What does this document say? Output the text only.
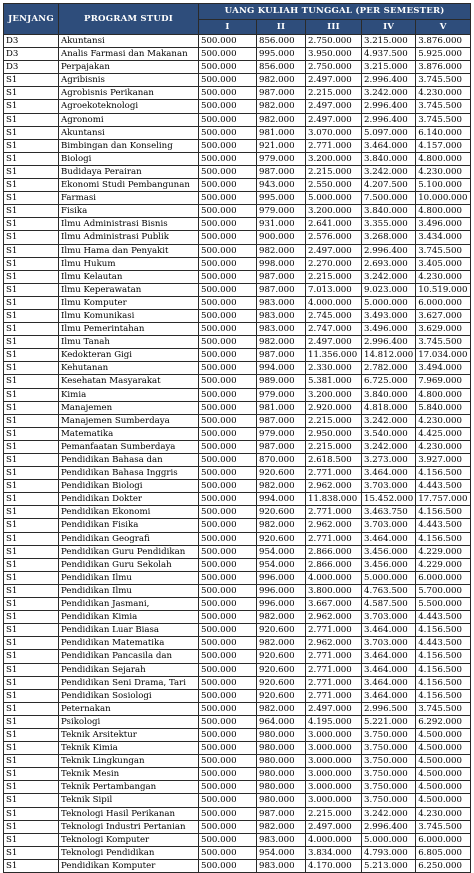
JENJANG	PROGRAM STUDI	UANG KULIAH TUNGGAL (PER SEMESTER)				
		I	II	III	IV	V
D3	Akuntansi	500.000	856.000	2.750.000	3.215.000	3.876.000
D3	Analis Farmasi dan Makanan	500.000	995.000	3.950.000	4.937.500	5.925.000
D3	Perpajakan	500.000	856.000	2.750.000	3.215.000	3.876.000
S1	Agribisnis	500.000	982.000	2.497.000	2.996.400	3.745.500
S1	Agrobisnis Perikanan	500.000	987.000	2.215.000	3.242.000	4.230.000
S1	Agroekoteknologi	500.000	982.000	2.497.000	2.996.400	3.745.500
S1	Agronomi	500.000	982.000	2.497.000	2.996.400	3.745.500
S1	Akuntansi	500.000	981.000	3.070.000	5.097.000	6.140.000
S1	Bimbingan dan Konseling	500.000	921.000	2.771.000	3.464.000	4.157.000
S1	Biologi	500.000	979.000	3.200.000	3.840.000	4.800.000
S1	Budidaya Perairan	500.000	987.000	2.215.000	3.242.000	4.230.000
S1	Ekonomi Studi Pembangunan	500.000	943.000	2.550.000	4.207.500	5.100.000
S1	Farmasi	500.000	995.000	5.000.000	7.500.000	10.000.000
S1	Fisika	500.000	979.000	3.200.000	3.840.000	4.800.000
S1	Ilmu Administrasi Bisnis	500.000	931.000	2.641.000	3.355.000	3.496.000
S1	Ilmu Administrasi Publik	500.000	900.000	2.576.000	3.268.000	3.434.000
S1	Ilmu Hama dan Penyakit	500.000	982.000	2.497.000	2.996.400	3.745.500
S1	Ilmu Hukum	500.000	998.000	2.270.000	2.693.000	3.405.000
S1	Ilmu Kelautan	500.000	987.000	2.215.000	3.242.000	4.230.000
S1	Ilmu Keperawatan	500.000	987.000	7.013.000	9.023.000	10.519.000
S1	Ilmu Komputer	500.000	983.000	4.000.000	5.000.000	6.000.000
S1	Ilmu Komunikasi	500.000	983.000	2.745.000	3.493.000	3.627.000
S1	Ilmu Pemerintahan	500.000	983.000	2.747.000	3.496.000	3.629.000
S1	Ilmu Tanah	500.000	982.000	2.497.000	2.996.400	3.745.500
S1	Kedokteran Gigi	500.000	987.000	11.356.000	14.812.000	17.034.000
S1	Kehutanan	500.000	994.000	2.330.000	2.782.000	3.494.000
S1	Kesehatan Masyarakat	500.000	989.000	5.381.000	6.725.000	7.969.000
S1	Kimia	500.000	979.000	3.200.000	3.840.000	4.800.000
S1	Manajemen	500.000	981.000	2.920.000	4.818.000	5.840.000
S1	Manajemen Sumberdaya	500.000	987.000	2.215.000	3.242.000	4.230.000
S1	Matematika	500.000	979.000	2.950.000	3.540.000	4.425.000
S1	Pemanfaatan Sumberdaya	500.000	987.000	2.215.000	3.242.000	4.230.000
S1	Pendidikan Bahasa dan	500.000	870.000	2.618.500	3.273.000	3.927.000
S1	Pendidikan Bahasa Inggris	500.000	920.600	2.771.000	3.464.000	4.156.500
S1	Pendidikan Biologi	500.000	982.000	2.962.000	3.703.000	4.443.500
S1	Pendidikan Dokter	500.000	994.000	11.838.000	15.452.000	17.757.000
S1	Pendidikan Ekonomi	500.000	920.600	2.771.000	3.463.750	4.156.500
S1	Pendidikan Fisika	500.000	982.000	2.962.000	3.703.000	4.443.500
S1	Pendidikan Geografi	500.000	920.600	2.771.000	3.464.000	4.156.500
S1	Pendidikan Guru Pendidikan	500.000	954.000	2.866.000	3.456.000	4.229.000
S1	Pendidikan Guru Sekolah	500.000	954.000	2.866.000	3.456.000	4.229.000
S1	Pendidikan Ilmu	500.000	996.000	4.000.000	5.000.000	6.000.000
S1	Pendidikan Ilmu	500.000	996.000	3.800.000	4.763.500	5.700.000
S1	Pendidikan Jasmani,	500.000	996.000	3.667.000	4.587.500	5.500.000
S1	Pendidikan Kimia	500.000	982.000	2.962.000	3.703.000	4.443.500
S1	Pendidikan Luar Biasa	500.000	920.600	2.771.000	3.464.000	4.156.500
S1	Pendidikan Matematika	500.000	982.000	2.962.000	3.703.000	4.443.500
S1	Pendidikan Pancasila dan	500.000	920.600	2.771.000	3.464.000	4.156.500
S1	Pendidikan Sejarah	500.000	920.600	2.771.000	3.464.000	4.156.500
S1	Pendidikan Seni Drama, Tari	500.000	920.600	2.771.000	3.464.000	4.156.500
S1	Pendidikan Sosiologi	500.000	920.600	2.771.000	3.464.000	4.156.500
S1	Peternakan	500.000	982.000	2.497.000	2.996.500	3.745.500
S1	Psikologi	500.000	964.000	4.195.000	5.221.000	6.292.000
S1	Teknik Arsitektur	500.000	980.000	3.000.000	3.750.000	4.500.000
S1	Teknik Kimia	500.000	980.000	3.000.000	3.750.000	4.500.000
S1	Teknik Lingkungan	500.000	980.000	3.000.000	3.750.000	4.500.000
S1	Teknik Mesin	500.000	980.000	3.000.000	3.750.000	4.500.000
S1	Teknik Pertambangan	500.000	980.000	3.000.000	3.750.000	4.500.000
S1	Teknik Sipil	500.000	980.000	3.000.000	3.750.000	4.500.000
S1	Teknologi Hasil Perikanan	500.000	987.000	2.215.000	3.242.000	4.230.000
S1	Teknologi Industri Pertanian	500.000	982.000	2.497.000	2.996.400	3.745.500
S1	Teknologi Komputer	500.000	983.000	4.000.000	5.000.000	6.000.000
S1	Teknologi Pendidikan	500.000	954.000	3.834.000	4.793.000	6.805.000
S1	Pendidikan Komputer	500.000	983.000	4.170.000	5.213.000	6.250.000
